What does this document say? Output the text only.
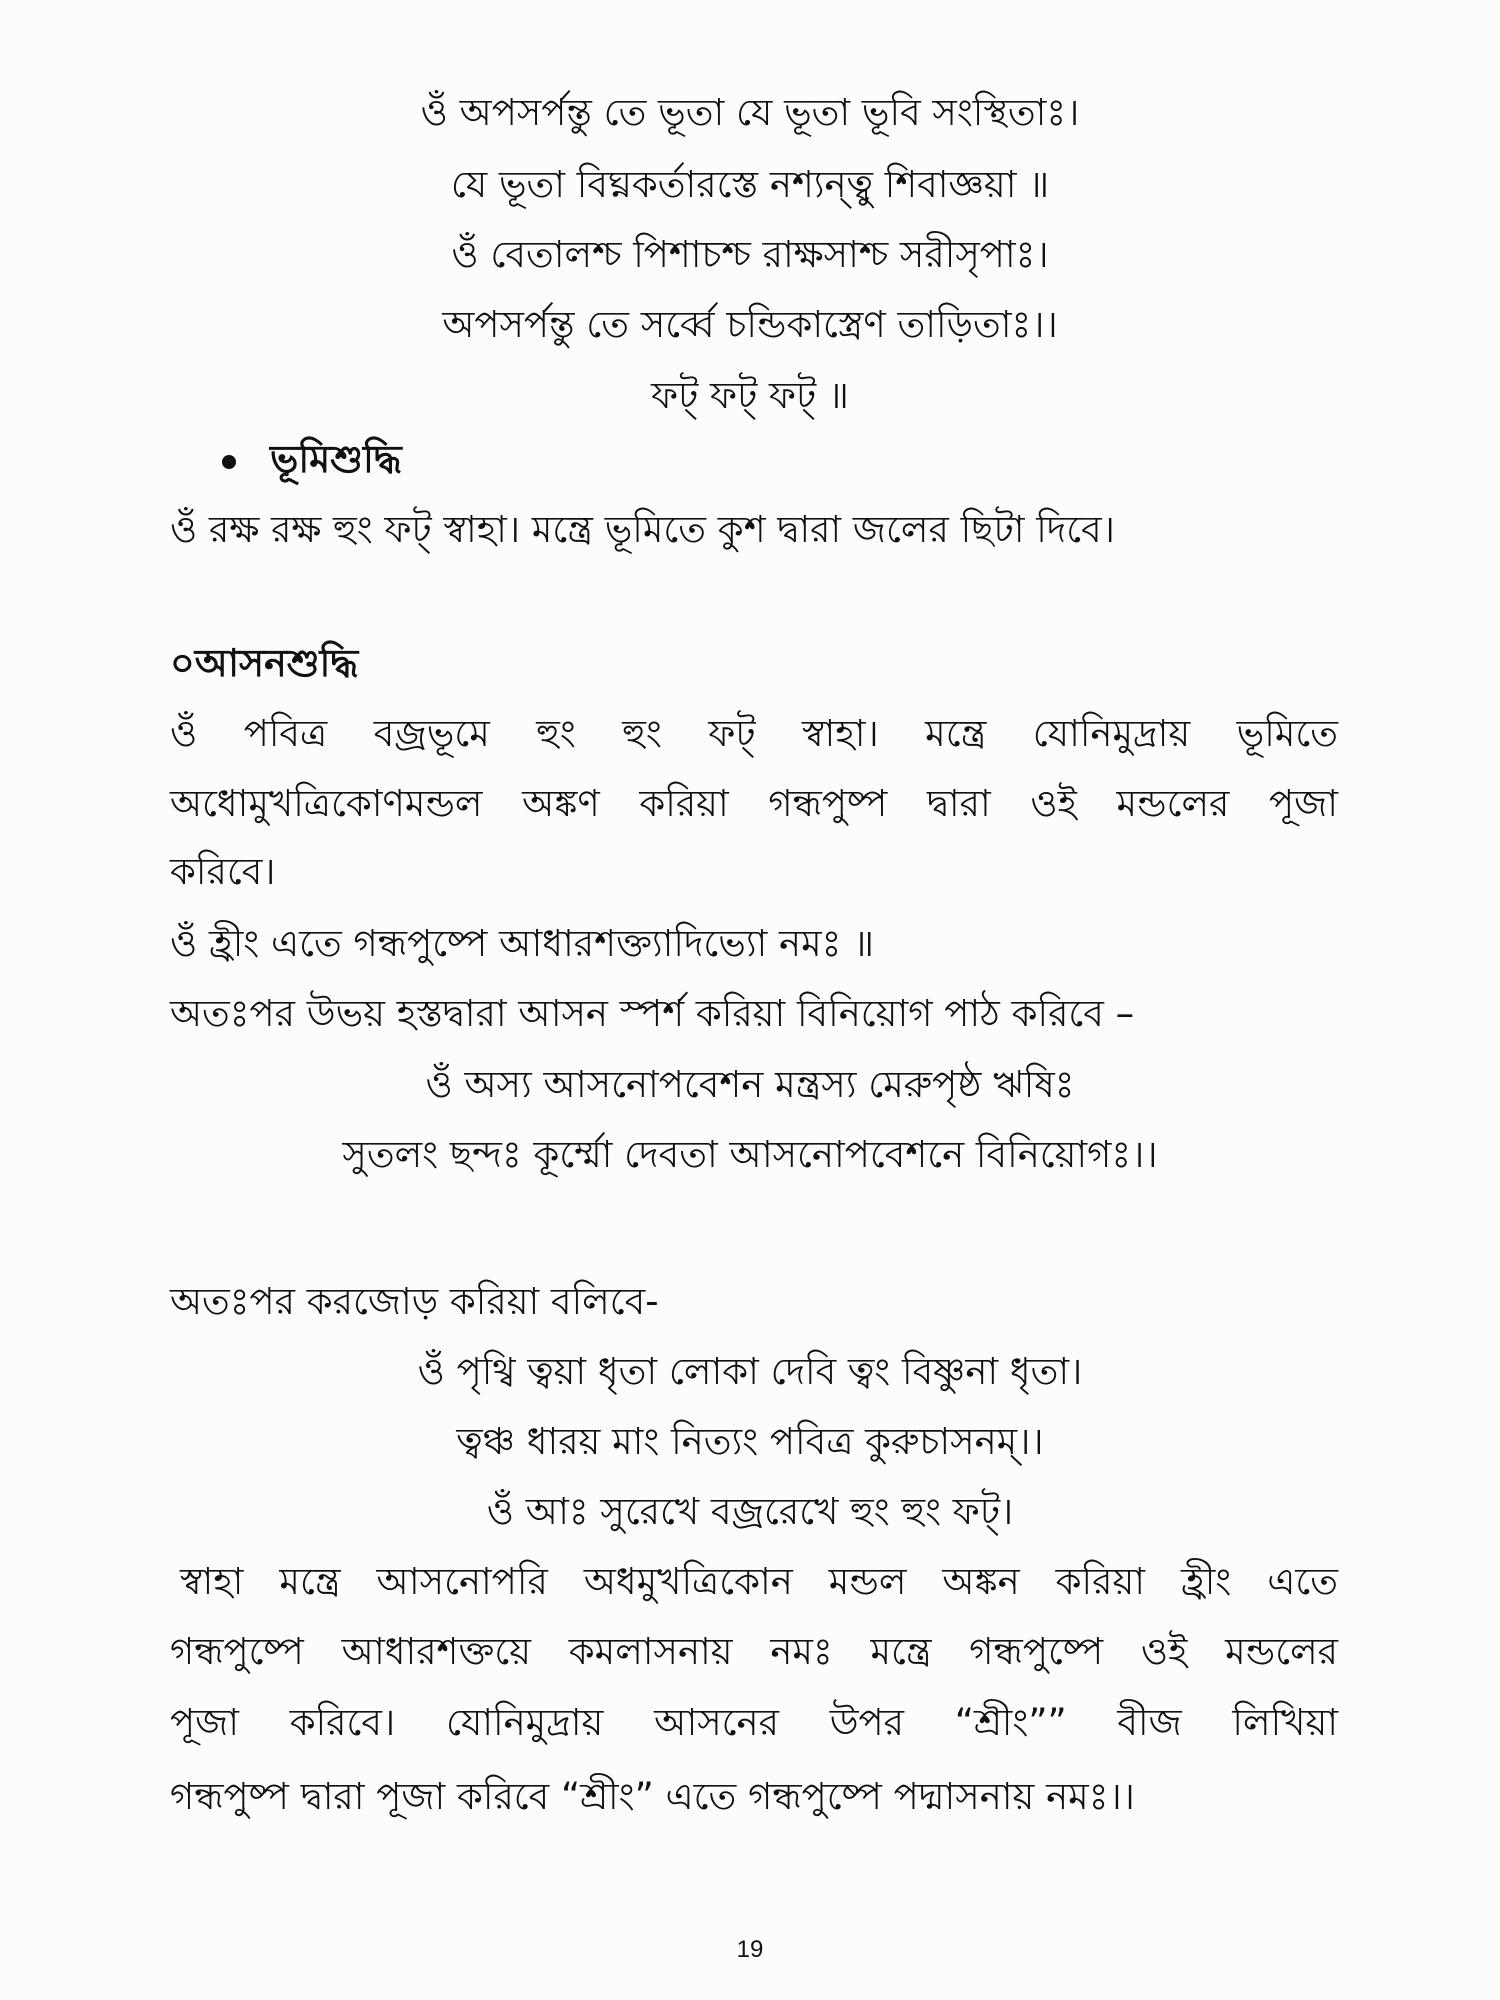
ওঁ অপসর্পন্তু তে ভূতা যে ভূতা ভূবি সংস্থিতাঃ।
যে ভূতা বিঘ্নকর্তারস্তে নশ্যন্ত্বু শিবাজ্ঞয়া ॥
ওঁ বেতালশ্চ পিশাচশ্চ রাক্ষসাশ্চ সরীসৃপাঃ।
অপসর্পন্তু তে সর্ব্বে চন্ডিকাস্ত্রেণ তাড়িতাঃ।।
ফট্ ফট্ ফট্ ॥
ভূমিশুদ্ধি
ওঁ রক্ষ রক্ষ হুং ফট্ স্বাহা। মন্ত্রে ভূমিতে কুশ দ্বারা জলের ছিটা দিবে।
০আসনশুদ্ধি
ওঁ পবিত্র বজ্রভূমে হুং হুং ফট্ স্বাহা। মন্ত্রে যোনিমুদ্রায় ভূমিতে
অধোমুখত্রিকোণমন্ডল অঙ্কণ করিয়া গন্ধপুষ্প দ্বারা ওই মন্ডলের পূজা
করিবে।
ওঁ হ্রীং এতে গন্ধপুষ্পে আধারশক্ত্যাদিভ্যো নমঃ ॥
অতঃপর উভয় হস্তদ্বারা আসন স্পর্শ করিয়া বিনিয়োগ পাঠ করিবে –
ওঁ অস্য আসনোপবেশন মন্ত্রস্য মেরুপৃষ্ঠ ঋষিঃ
সুতলং ছন্দঃ কূর্ম্মো দেবতা আসনোপবেশনে বিনিয়োগঃ।।
অতঃপর করজোড় করিয়া বলিবে-
ওঁ পৃথ্বি ত্বয়া ধৃতা লোকা দেবি ত্বং বিষ্ণুনা ধৃতা।
ত্বঞ্চ ধারয় মাং নিত্যং পবিত্র কুরুচাসনম্।।
ওঁ আঃ সুরেখে বজ্ররেখে হুং হুং ফট্।
স্বাহা মন্ত্রে আসনোপরি অধমুখত্রিকোন মন্ডল অঙ্কন করিয়া হ্রীং এতে
গন্ধপুষ্পে আধারশক্তয়ে কমলাসনায় নমঃ মন্ত্রে গন্ধপুষ্পে ওই মন্ডলের
পূজা করিবে। যোনিমুদ্রায় আসনের উপর “শ্রীং”” বীজ লিখিয়া
গন্ধপুষ্প দ্বারা পূজা করিবে “শ্রীং” এতে গন্ধপুষ্পে পদ্মাসনায় নমঃ।।
19
